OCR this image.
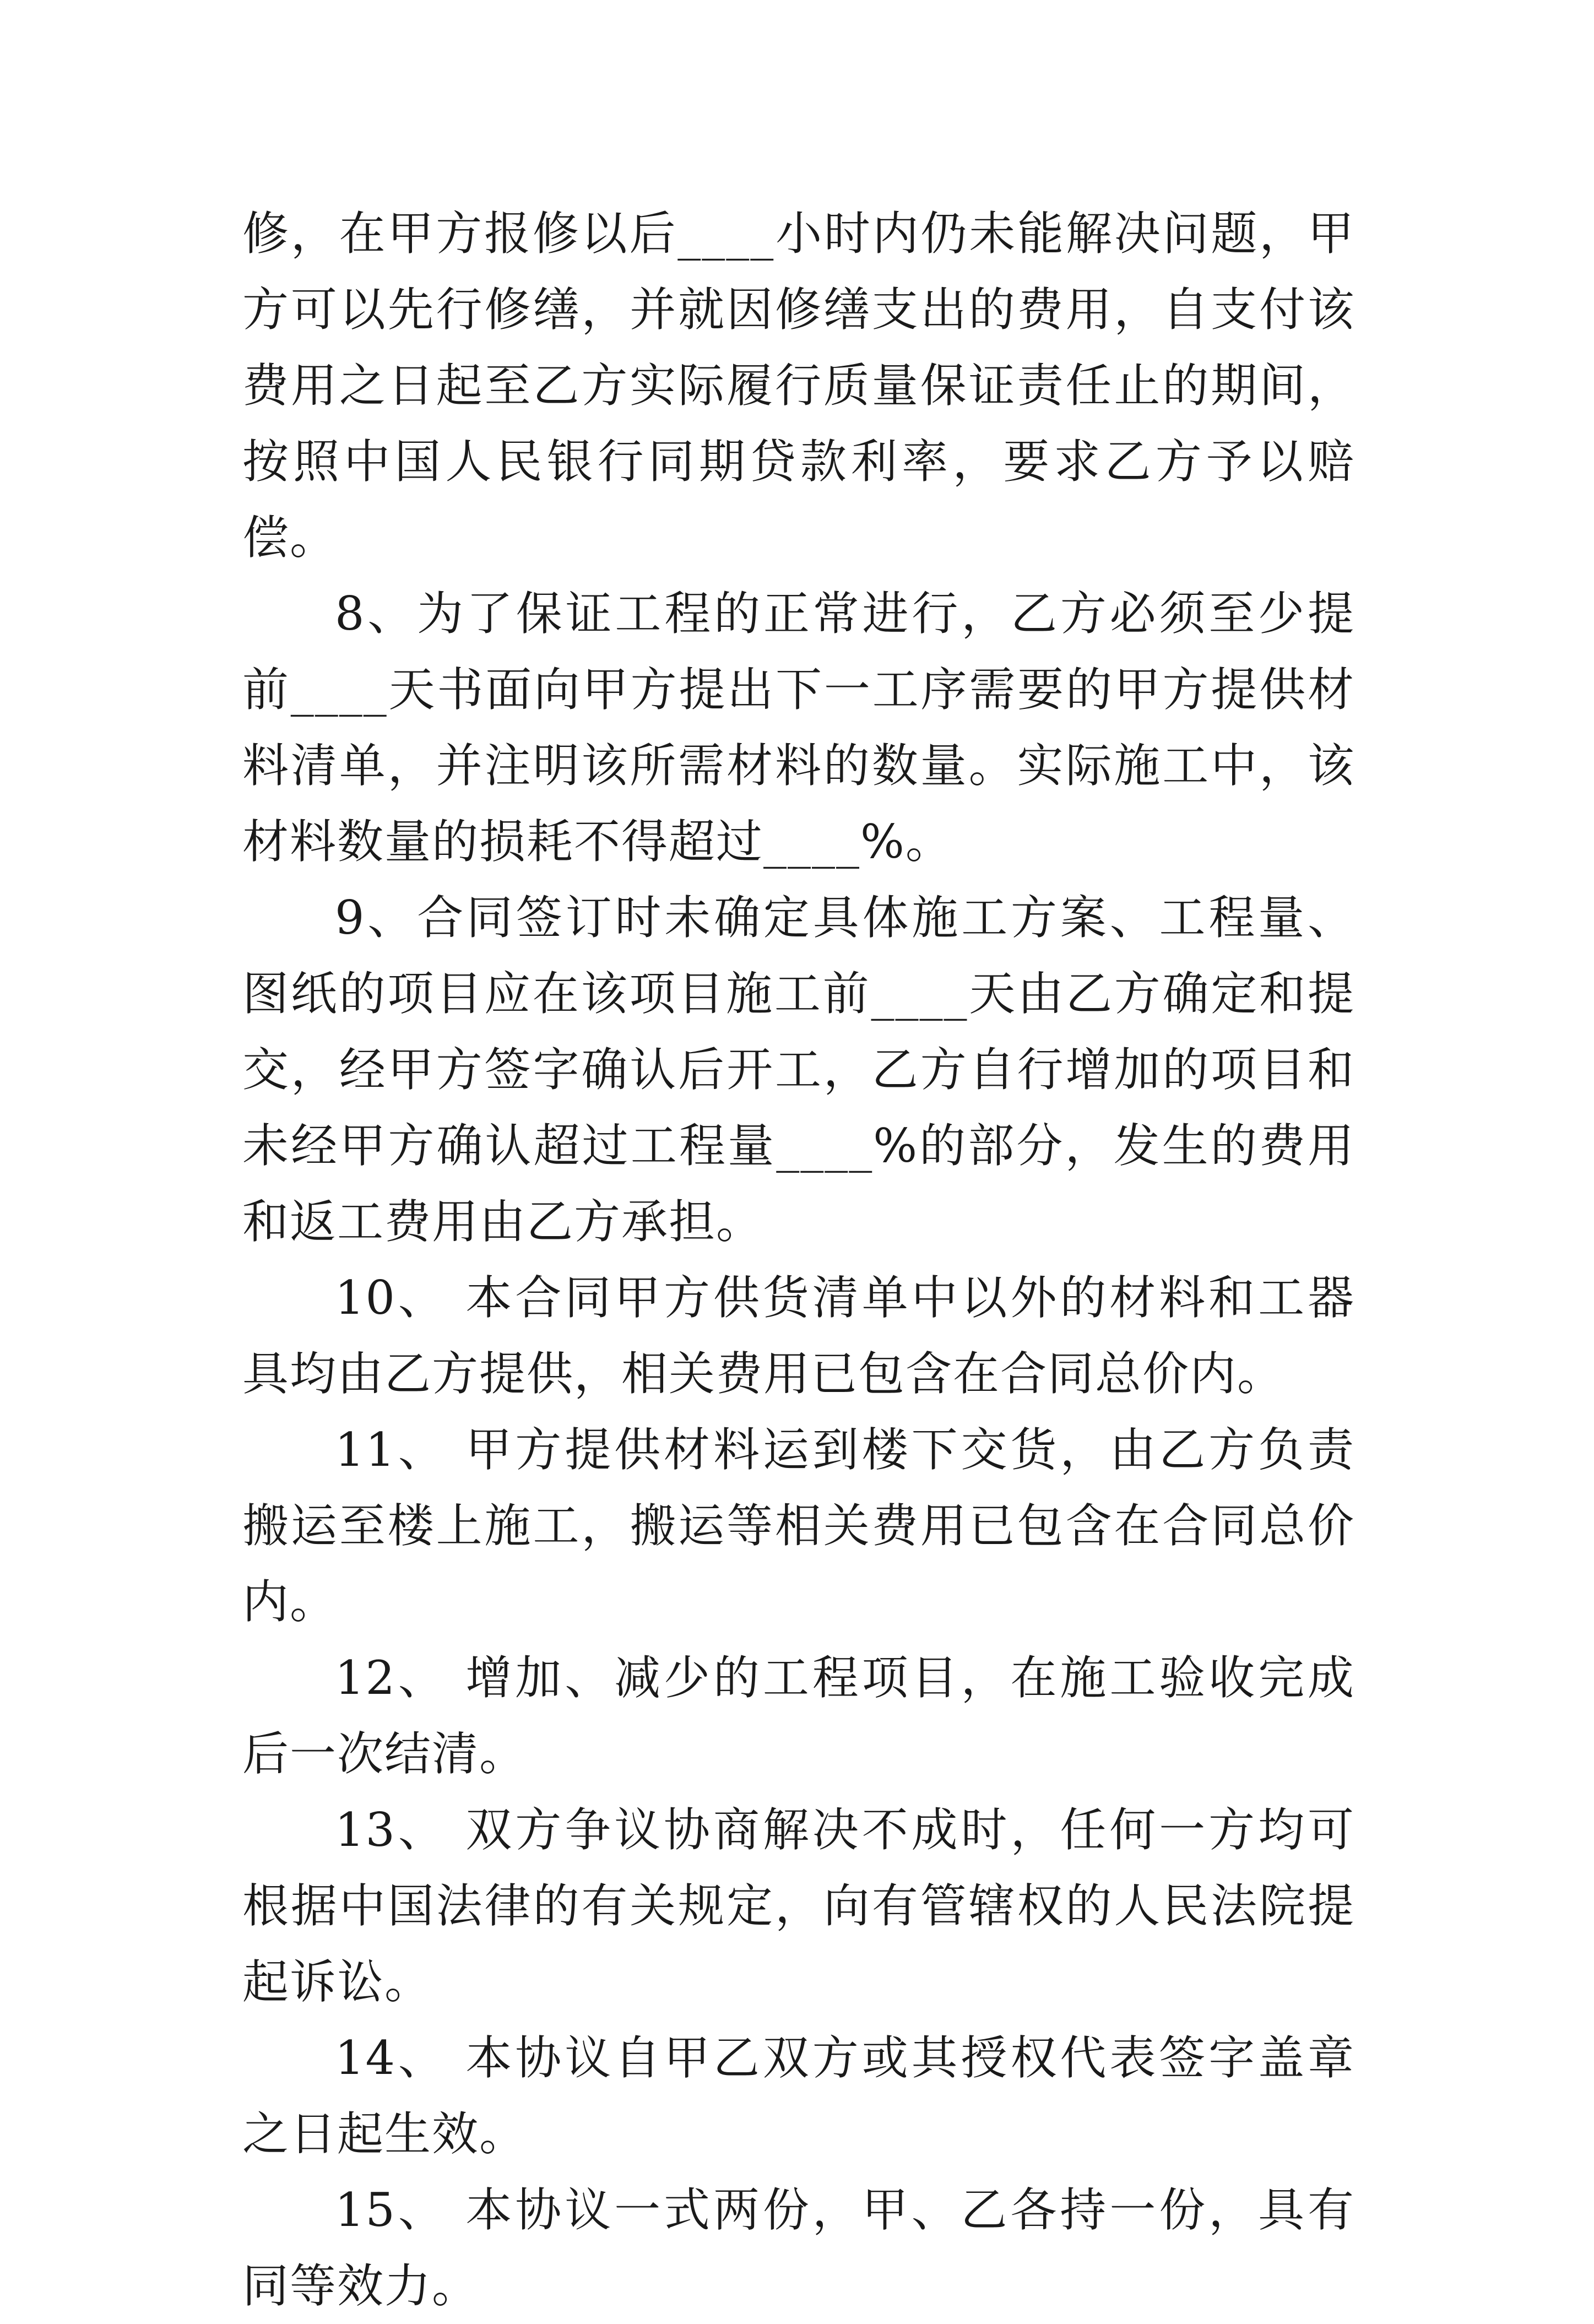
修，在甲方报修以后____小时内仍未能解决问题，甲方可以先行修缮，并就因修缮支出的费用，自支付该费用之日起至乙方实际履行质量保证责任止的期间，按照中国人民银行同期贷款利率，要求乙方予以赔偿。

8、为了保证工程的正常进行，乙方必须至少提前____天书面向甲方提出下一工序需要的甲方提供材料清单，并注明该所需材料的数量。实际施工中，该材料数量的损耗不得超过____%。

9、合同签订时未确定具体施工方案、工程量、图纸的项目应在该项目施工前____天由乙方确定和提交，经甲方签字确认后开工，乙方自行增加的项目和未经甲方确认超过工程量____%的部分，发生的费用和返工费用由乙方承担。

10、 本合同甲方供货清单中以外的材料和工器具均由乙方提供，相关费用已包含在合同总价内。

11、 甲方提供材料运到楼下交货，由乙方负责搬运至楼上施工，搬运等相关费用已包含在合同总价内。

12、 增加、减少的工程项目，在施工验收完成后一次结清。

13、 双方争议协商解决不成时，任何一方均可根据中国法律的有关规定，向有管辖权的人民法院提起诉讼。

14、 本协议自甲乙双方或其授权代表签字盖章之日起生效。

15、 本协议一式两份，甲、乙各持一份，具有同等效力。
